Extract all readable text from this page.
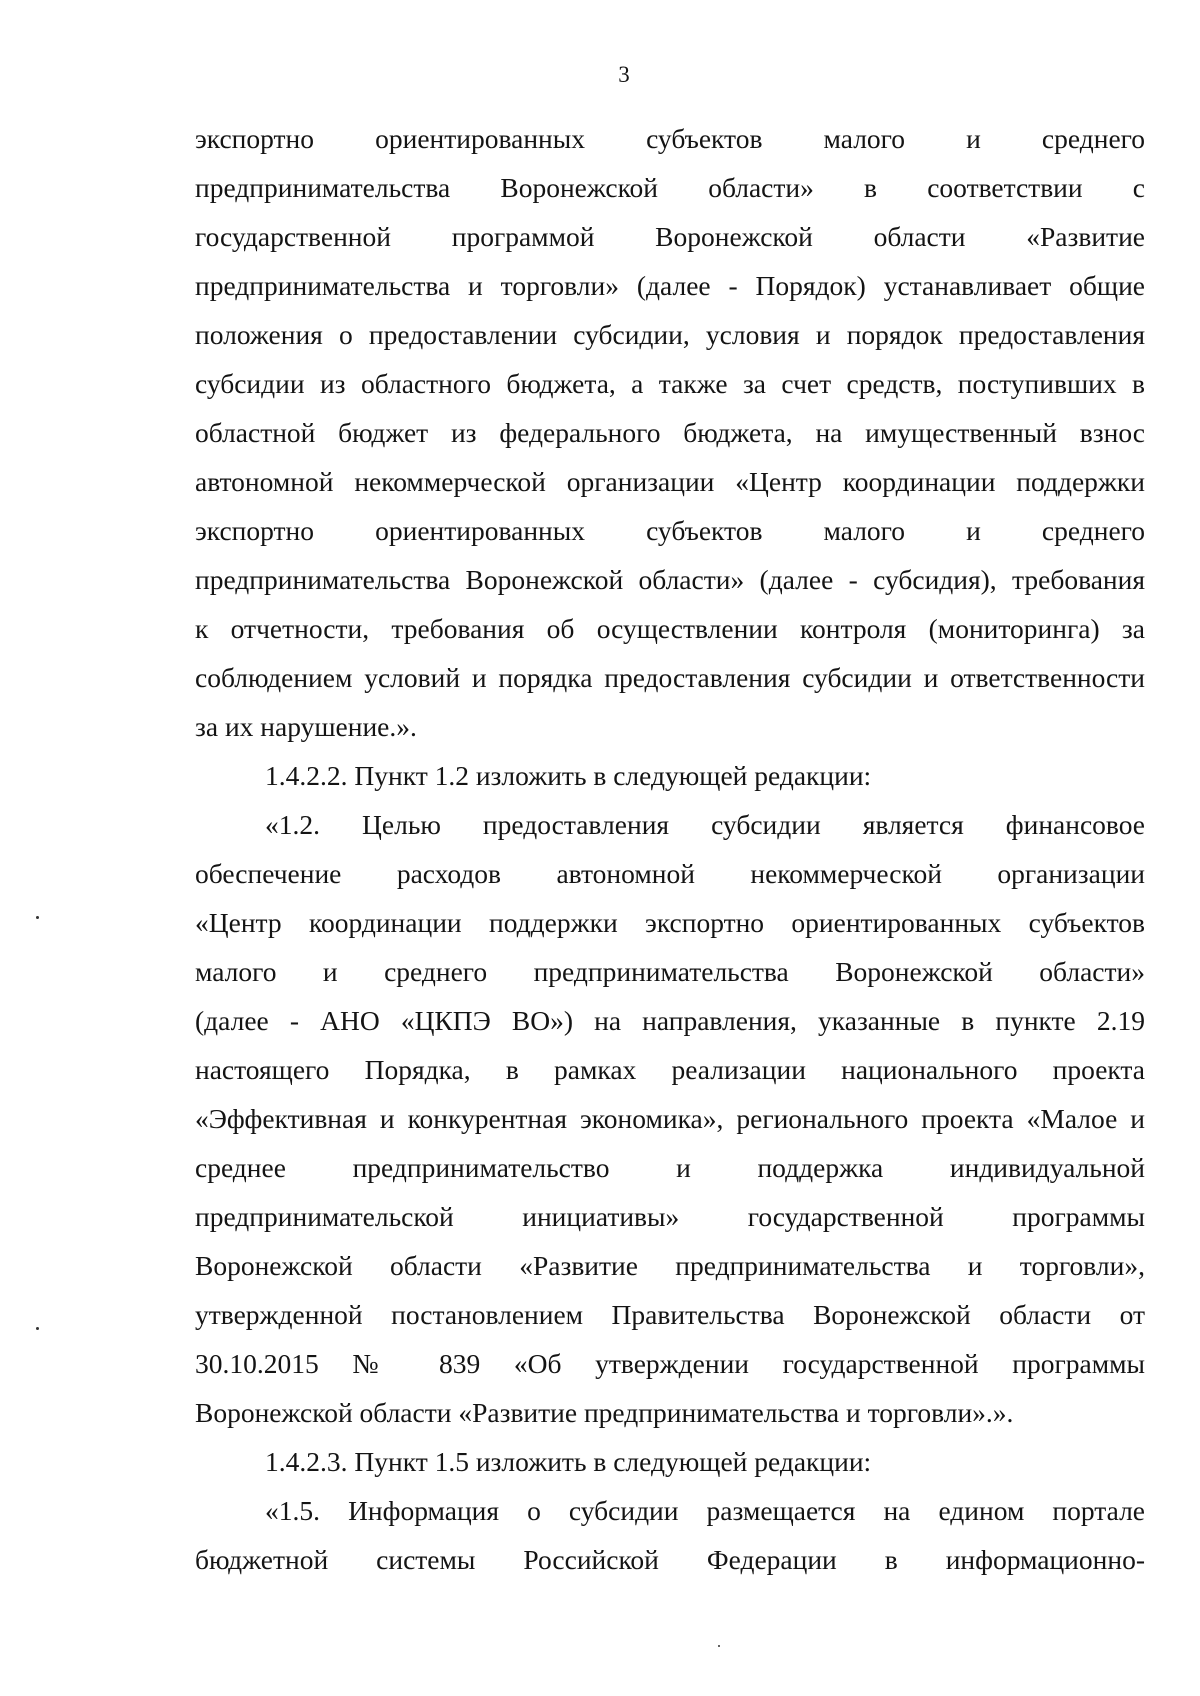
3
экспортно ориентированных субъектов малого и среднего
предпринимательства Воронежской области» в соответствии с
государственной программой Воронежской области «Развитие
предпринимательства и торговли» (далее - Порядок) устанавливает общие
положения о предоставлении субсидии, условия и порядок предоставления
субсидии из областного бюджета, а также за счет средств, поступивших в
областной бюджет из федерального бюджета, на имущественный взнос
автономной некоммерческой организации «Центр координации поддержки
экспортно ориентированных субъектов малого и среднего
предпринимательства Воронежской области» (далее - субсидия), требования
к отчетности, требования об осуществлении контроля (мониторинга) за
соблюдением условий и порядка предоставления субсидии и ответственности
за их нарушение.».
1.4.2.2. Пункт 1.2 изложить в следующей редакции:
«1.2. Целью предоставления субсидии является финансовое
обеспечение расходов автономной некоммерческой организации
«Центр координации поддержки экспортно ориентированных субъектов
малого и среднего предпринимательства Воронежской области»
(далее - АНО «ЦКПЭ ВО») на направления, указанные в пункте 2.19
настоящего Порядка, в рамках реализации национального проекта
«Эффективная и конкурентная экономика», регионального проекта «Малое и
среднее предпринимательство и поддержка индивидуальной
предпринимательской инициативы» государственной программы
Воронежской области «Развитие предпринимательства и торговли»,
утвержденной постановлением Правительства Воронежской области от
30.10.2015 № 839 «Об утверждении государственной программы
Воронежской области «Развитие предпринимательства и торговли».».
1.4.2.3. Пункт 1.5 изложить в следующей редакции:
«1.5. Информация о субсидии размещается на едином портале
бюджетной системы Российской Федерации в информационно-
